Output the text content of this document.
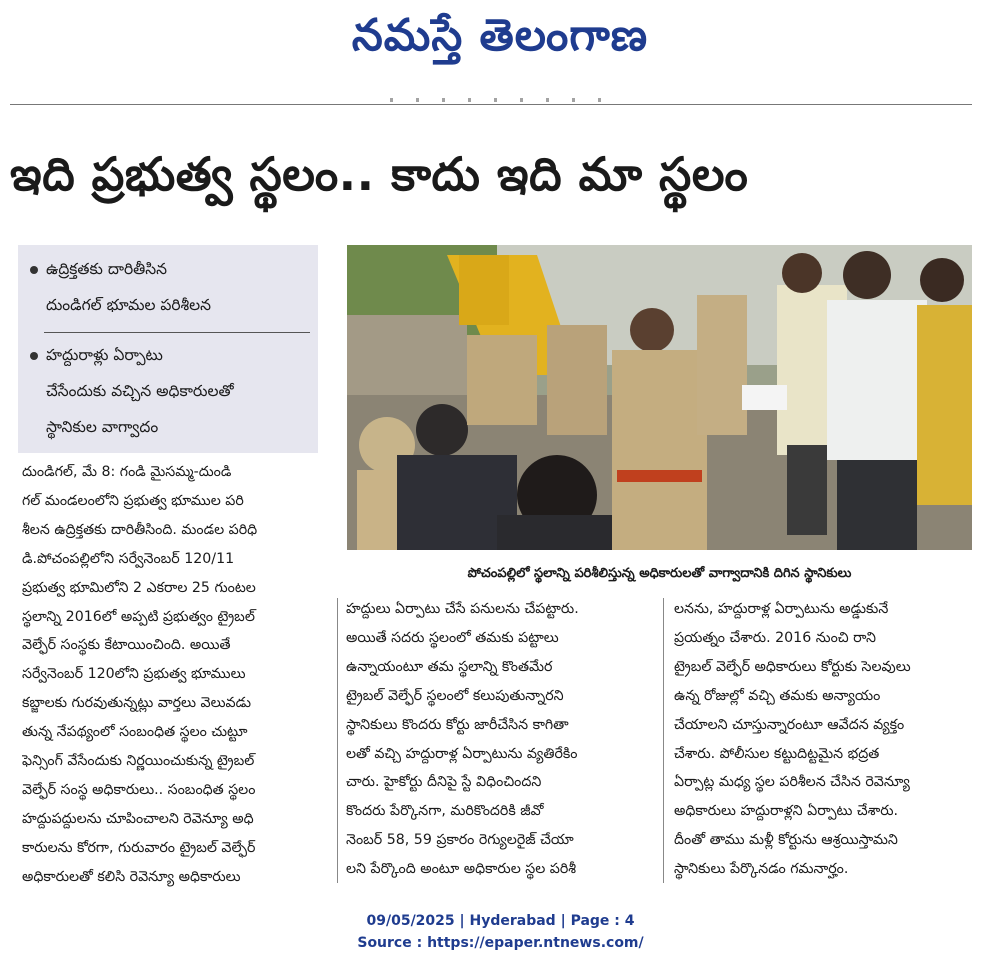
నమస్తే తెలంగాణ
ఇది ప్రభుత్వ స్థలం.. కాదు ఇది మా స్థలం
ఉద్రిక్తతకు దారితీసిన
దుండిగల్ భూమల పరిశీలన
హద్దురాళ్లు ఏర్పాటు
చేసేందుకు వచ్చిన అధికారులతో
స్థానికుల వాగ్వాదం
పోచంపల్లిలో స్థలాన్ని పరిశీలిస్తున్న అధికారులతో వాగ్వాదానికి దిగిన స్థానికులు

దుండిగల్, మే 8: గండి మైసమ్మ-దుండి

గల్ మండలంలోని ప్రభుత్వ భూముల పరి

శీలన ఉద్రిక్తతకు దారితీసింది. మండల పరిధి

డి.పోచంపల్లిలోని సర్వేనెంబర్ 120/11

ప్రభుత్వ భూమిలోని 2 ఎకరాల 25 గుంటల

స్థలాన్ని 2016లో అప్పటి ప్రభుత్వం ట్రైబల్

వెల్ఫేర్ సంస్థకు కేటాయించింది. అయితే

సర్వేనెంబర్ 120లోని ప్రభుత్వ భూములు

కబ్జాలకు గురవుతున్నట్లు వార్తలు వెలువడు

తున్న నేపథ్యంలో సంబంధిత స్థలం చుట్టూ

ఫెన్సింగ్ వేసేందుకు నిర్ణయించుకున్న ట్రైబల్

వెల్ఫేర్ సంస్థ అధికారులు.. సంబంధిత స్థలం

హద్దుపద్దులను చూపించాలని రెవెన్యూ అధి

కారులను కోరగా, గురువారం ట్రైబల్ వెల్ఫేర్

అధికారులతో కలిసి రెవెన్యూ అధికారులు

హద్దులు ఏర్పాటు చేసే పనులను చేపట్టారు.

అయితే సదరు స్థలంలో తమకు పట్టాలు

ఉన్నాయంటూ తమ స్థలాన్ని కొంతమేర

ట్రైబల్ వెల్ఫేర్ స్థలంలో కలుపుతున్నారని

స్థానికులు కొందరు కోర్టు జారీచేసిన కాగితా

లతో వచ్చి హద్దురాళ్ల ఏర్పాటును వ్యతిరేకిం

చారు. హైకోర్టు దీనిపై స్టే విధించిందని

కొందరు పేర్కొనగా, మరికొందరికి జీవో

నెంబర్ 58, 59 ప్రకారం రెగ్యులరైజ్ చేయా

లని పేర్కొంది అంటూ అధికారుల స్థల పరిశీ

లనను, హద్దురాళ్ల ఏర్పాటును అడ్డుకునే

ప్రయత్నం చేశారు. 2016 నుంచి రాని

ట్రైబల్ వెల్ఫేర్ అధికారులు కోర్టుకు సెలవులు

ఉన్న రోజుల్లో వచ్చి తమకు అన్యాయం

చేయాలని చూస్తున్నారంటూ ఆవేదన వ్యక్తం

చేశారు. పోలీసుల కట్టుదిట్టమైన భద్రత

ఏర్పాట్ల మధ్య స్థల పరిశీలన చేసిన రెవెన్యూ

అధికారులు హద్దురాళ్లని ఏర్పాటు చేశారు.

దీంతో తాము మళ్లీ కోర్టును ఆశ్రయిస్తామని

స్థానికులు పేర్కొనడం గమనార్హం.

09/05/2025 | Hyderabad | Page : 4
Source : https://epaper.ntnews.com/
